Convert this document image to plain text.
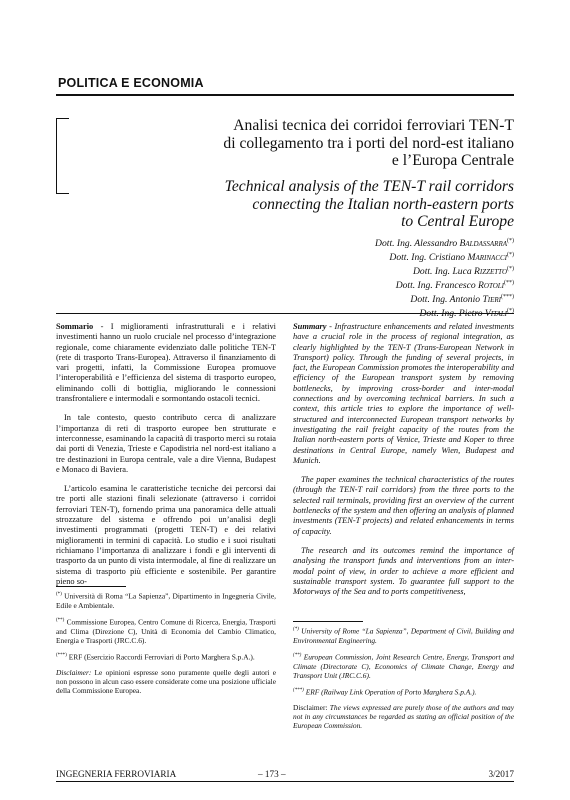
POLITICA E ECONOMIA
Analisi tecnica dei corridoi ferroviari TEN-T
di collegamento tra i porti del nord-est italiano
e l’Europa Centrale
Technical analysis of the TEN-T rail corridors
connecting the Italian north-eastern ports
to Central Europe
Dott. Ing. Alessandro Baldassarra(*)
Dott. Ing. Cristiano Marinacci(*)
Dott. Ing. Luca Rizzetto(*)
Dott. Ing. Francesco Rotoli(**)
Dott. Ing. Antonio Tieri(***)
Dott. Ing. Pietro Vitali(*)

Sommario - I miglioramenti infrastrutturali e i relativi investimenti hanno un ruolo cruciale nel processo d’integrazione regionale, come chiaramente evidenziato dalle politiche TEN-T (rete di trasporto Trans-Europea). Attraverso il finanziamento di vari progetti, infatti, la Commissione Europea promuove l’interoperabilità e l’efficienza del sistema di trasporto europeo, eliminando colli di bottiglia, migliorando le connessioni transfrontaliere e intermodali e sormontando ostacoli tecnici.

In tale contesto, questo contributo cerca di analizzare l’importanza di reti di trasporto europee ben strutturate e interconnesse, esaminando la capacità di trasporto merci su rotaia dai porti di Venezia, Trieste e Capodistria nel nord-est italiano a tre destinazioni in Europa centrale, vale a dire Vienna, Budapest e Monaco di Baviera.

L’articolo esamina le caratteristiche tecniche dei percorsi dai tre porti alle stazioni finali selezionate (attraverso i corridoi ferroviari TEN-T), fornendo prima una panoramica delle attuali strozzature del sistema e offrendo poi un’analisi degli investimenti programmati (progetti TEN-T) e dei relativi miglioramenti in termini di capacità. Lo studio e i suoi risultati richiamano l’importanza di analizzare i fondi e gli interventi di trasporto da un punto di vista intermodale, al fine di realizzare un sistema di trasporto più efficiente e sostenibile. Per garantire pieno so-

Summary - Infrastructure enhancements and related investments have a crucial role in the process of regional integration, as clearly highlighted by the TEN-T (Trans-European Network in Transport) policy. Through the funding of several projects, in fact, the European Commission promotes the interoperability and efficiency of the European transport system by removing bottlenecks, by improving cross-border and inter-modal connections and by overcoming technical barriers. In such a context, this article tries to explore the importance of well-structured and interconnected European transport networks by investigating the rail freight capacity of the routes from the Italian north-eastern ports of Venice, Trieste and Koper to three destinations in Central Europe, namely Wien, Budapest and Munich.

The paper examines the technical characteristics of the routes (through the TEN-T rail corridors) from the three ports to the selected rail terminals, providing first an overview of the current bottlenecks of the system and then offering an analysis of planned investments (TEN-T projects) and related enhancements in terms of capacity.

The research and its outcomes remind the importance of analysing the transport funds and interventions from an inter-modal point of view, in order to achieve a more efficient and sustainable transport system. To guarantee full support to the Motorways of the Sea and to ports competitiveness,

(*) Università di Roma “La Sapienza”, Dipartimento in Ingegneria Civile, Edile e Ambientale.

(**) Commissione Europea, Centro Comune di Ricerca, Energia, Trasporti and Clima (Direzione C), Unità di Economia del Cambio Climatico, Energia e Trasporti (JRC.C.6).

(***) ERF (Esercizio Raccordi Ferroviari di Porto Marghera S.p.A.).

Disclaimer: Le opinioni espresse sono puramente quelle degli autori e non possono in alcun caso essere considerate come una posizione ufficiale della Commissione Europea.

(*) University of Rome “La Sapienza”, Department of Civil, Building and Environmental Engineering.

(**) European Commission, Joint Research Centre, Energy, Transport and Climate (Directorate C), Economics of Climate Change, Energy and Transport Unit (JRC.C.6).

(***) ERF (Railway Link Operation of Porto Marghera S.p.A.).

Disclaimer: The views expressed are purely those of the authors and may not in any circumstances be regarded as stating an official position of the European Commission.

INGEGNERIA FERROVIARIA	– 173 –	3/2017
